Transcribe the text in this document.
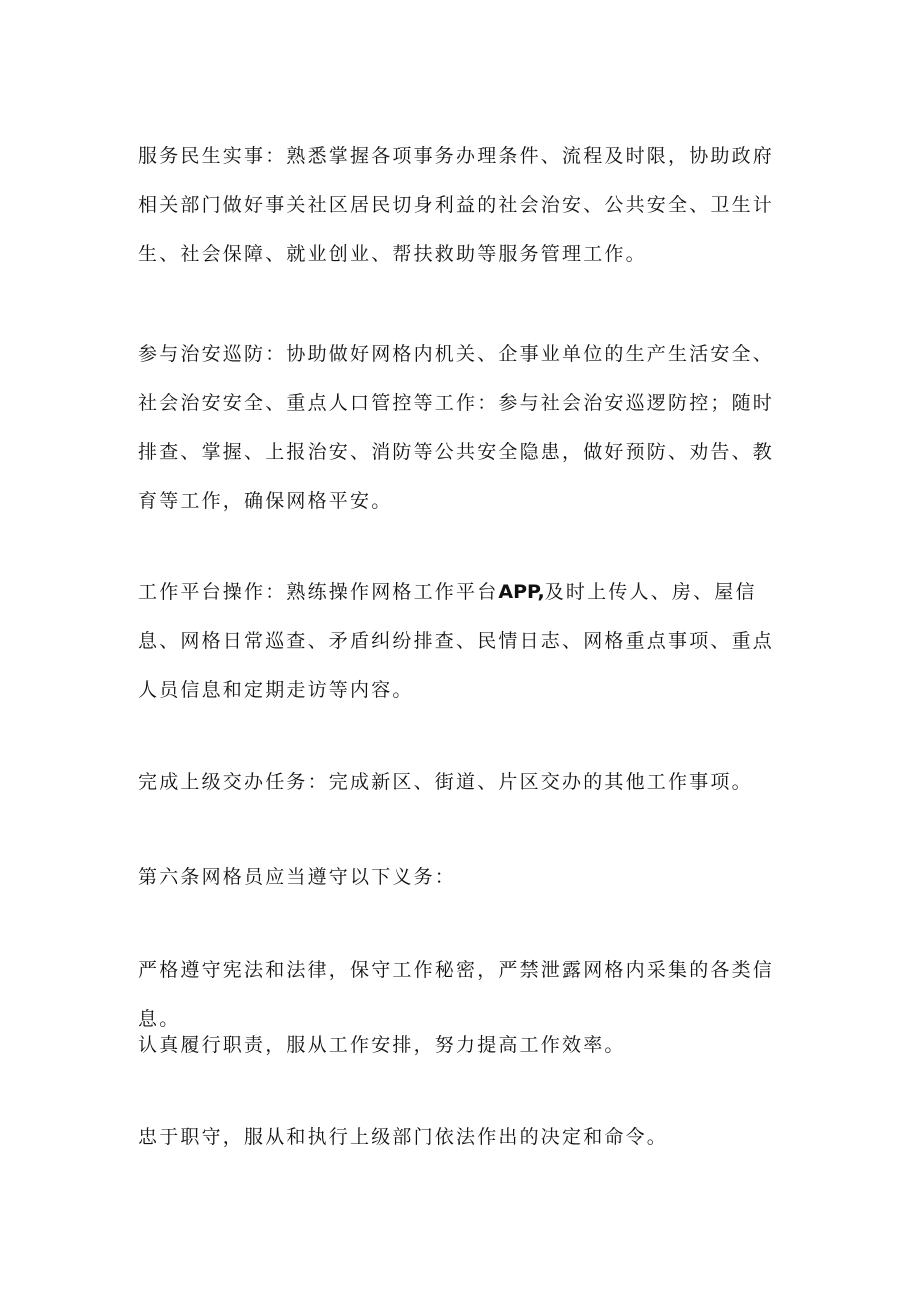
服务民生实事：熟悉掌握各项事务办理条件、流程及时限，协助政府相关部门做好事关社区居民切身利益的社会治安、公共安全、卫生计生、社会保障、就业创业、帮扶救助等服务管理工作。

参与治安巡防：协助做好网格内机关、企事业单位的生产生活安全、社会治安安全、重点人口管控等工作：参与社会治安巡逻防控；随时排查、掌握、上报治安、消防等公共安全隐患，做好预防、劝告、教育等工作，确保网格平安。

工作平台操作：熟练操作网格工作平台APP,及时上传人、房、屋信息、网格日常巡查、矛盾纠纷排查、民情日志、网格重点事项、重点人员信息和定期走访等内容。

完成上级交办任务：完成新区、街道、片区交办的其他工作事项。

第六条网格员应当遵守以下义务：

严格遵守宪法和法律，保守工作秘密，严禁泄露网格内采集的各类信息。

认真履行职责，服从工作安排，努力提高工作效率。

忠于职守，服从和执行上级部门依法作出的决定和命令。
